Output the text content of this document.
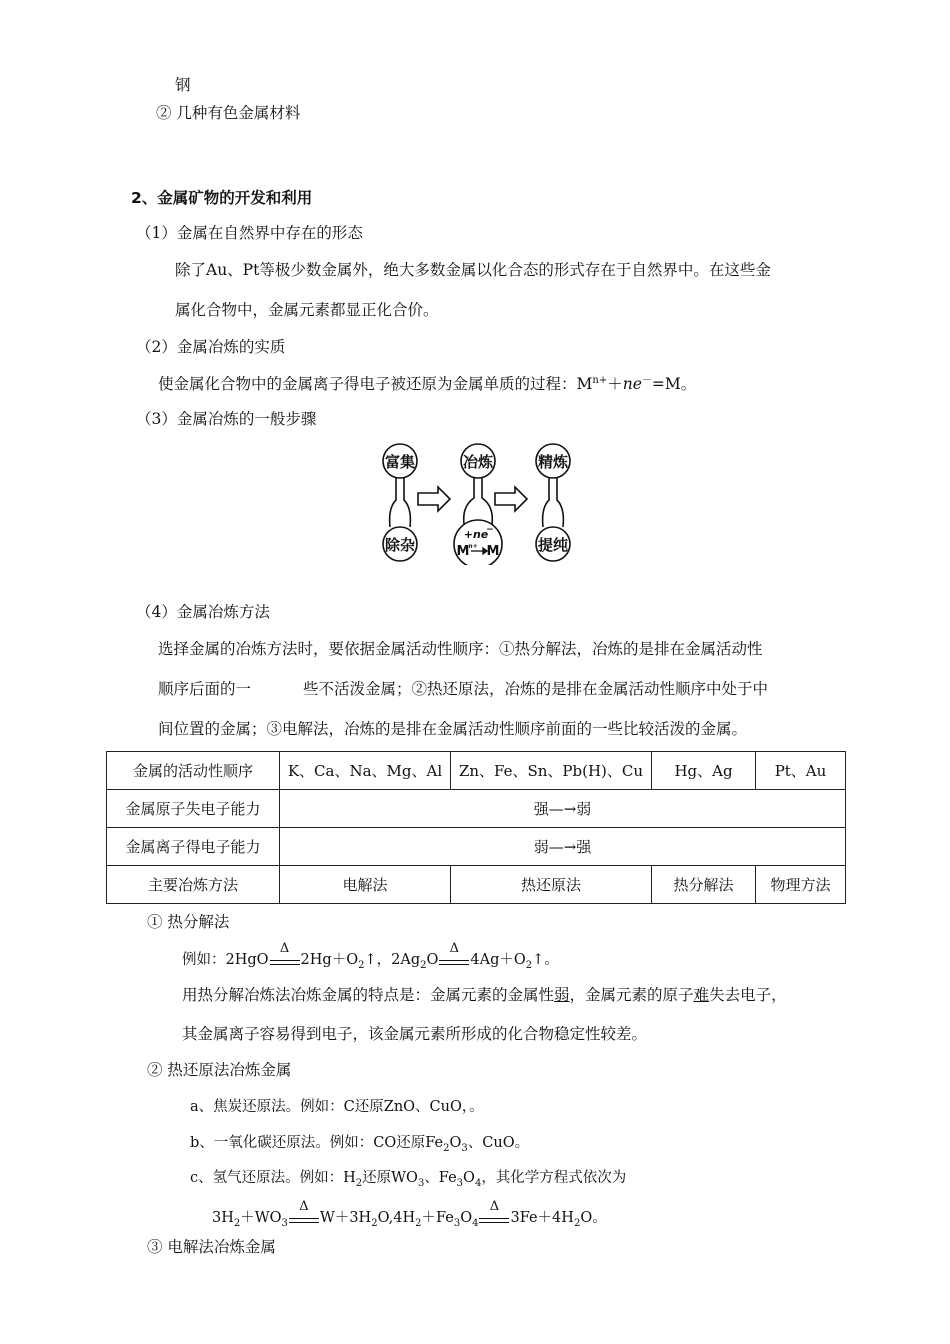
钢
② 几种有色金属材料
2、金属矿物的开发和利用
（1）金属在自然界中存在的形态
除了Au、Pt等极少数金属外，绝大多数金属以化合态的形式存在于自然界中。在这些金
属化合物中，金属元素都显正化合价。
（2）金属冶炼的实质
使金属化合物中的金属离子得电子被还原为金属单质的过程：$M^{n+}+ne^-=M$。
（3）金属冶炼的一般步骤
富集	冶炼	精炼
除杂	提纯
+ne
−
M
n+ M
（4）金属冶炼方法
选择金属的冶炼方法时，要依据金属活动性顺序：①热分解法，冶炼的是排在金属活动性
顺序后面的一	些不活泼金属；②热还原法，冶炼的是排在金属活动性顺序中处于中
间位置的金属；③电解法，冶炼的是排在金属活动性顺序前面的一些比较活泼的金属。
金属的活动性顺序	K、Ca、Na、Mg、Al	Zn、Fe、Sn、Pb(H)、Cu	Hg、Ag	Pt、Au
金属原子失电子能力	强—→弱			
金属离子得电子能力	弱—→强			
主要冶炼方法	电解法	热还原法	热分解法	物理方法
① 热分解法
例如：2HgO
Δ
$2Hg+O_2↑$，$2Ag_2O$
Δ
$4Ag+O_2↑$。
用热分解冶炼法冶炼金属的特点是：金属元素的金属性弱，金属元素的原子难失去电子，
其金属离子容易得到电子，该金属元素所形成的化合物稳定性较差。
② 热还原法冶炼金属
a、焦炭还原法。例如：C还原ZnO、CuO，。
b、一氧化碳还原法。例如：CO还原$Fe_2O_3$、CuO。
c、氢气还原法。例如：$H_2$还原$WO_3$、$Fe_3O_4$，其化学方程式依次为
$3H_2+WO_3$
Δ
$W+3H_2O,4H_2+Fe_3O_4$
Δ
$3Fe+4H_2O$。
③ 电解法冶炼金属
